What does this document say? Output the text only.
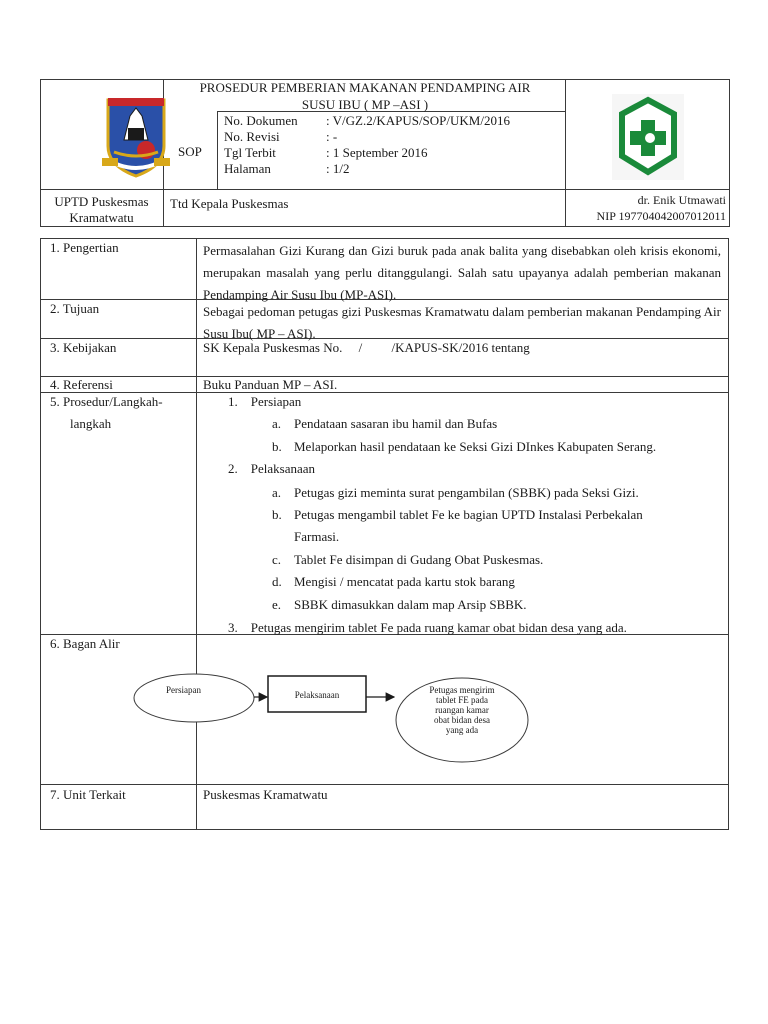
SOP
PROSEDUR PEMBERIAN MAKANAN PENDAMPING AIR
SUSU IBU ( MP –ASI )
No. Dokumen : V/GZ.2/KAPUS/SOP/UKM/2016
No. Revisi	: -
Tgl Terbit	: 1 September 2016
Halaman	: 1/2
UPTD Puskesmas
Kramatwatu
Ttd Kepala Puskesmas	dr. Enik Utmawati
NIP 197704042007012011
1. Pengertian	Permasalahan Gizi Kurang dan Gizi buruk pada anak balita yang disebabkan oleh krisis ekonomi, merupakan masalah yang perlu ditanggulangi. Salah satu upayanya adalah pemberian makanan Pendamping Air Susu Ibu (MP-ASI).
2. Tujuan	Sebagai pedoman petugas gizi Puskesmas Kramatwatu dalam pemberian makanan Pendamping Air Susu Ibu( MP – ASI).
3. Kebijakan	SK Kepala Puskesmas No.     /         /KAPUS-SK/2016 tentang
4. Referensi	Buku Panduan MP – ASI.
5. Prosedur/Langkah-
langkah
1.    Persiapan
a. Pendataan sasaran ibu hamil dan Bufas
b. Melaporkan hasil pendataan ke Seksi Gizi DInkes Kabupaten Serang.
2.    Pelaksanaan
a. Petugas gizi meminta surat pengambilan (SBBK) pada Seksi Gizi.
b. Petugas mengambil tablet Fe ke bagian UPTD Instalasi Perbekalan
Farmasi.
c. Tablet Fe disimpan di Gudang Obat Puskesmas.
d. Mengisi / mencatat pada kartu stok barang
e. SBBK dimasukkan dalam map Arsip SBBK.
3.    Petugas mengirim tablet Fe pada ruang kamar obat bidan desa yang ada.
6. Bagan Alir
Persiapan	Pelaksanaan	Petugas mengirim
tablet FE pada
ruangan kamar
obat bidan desa
yang ada
7. Unit Terkait	Puskesmas Kramatwatu
